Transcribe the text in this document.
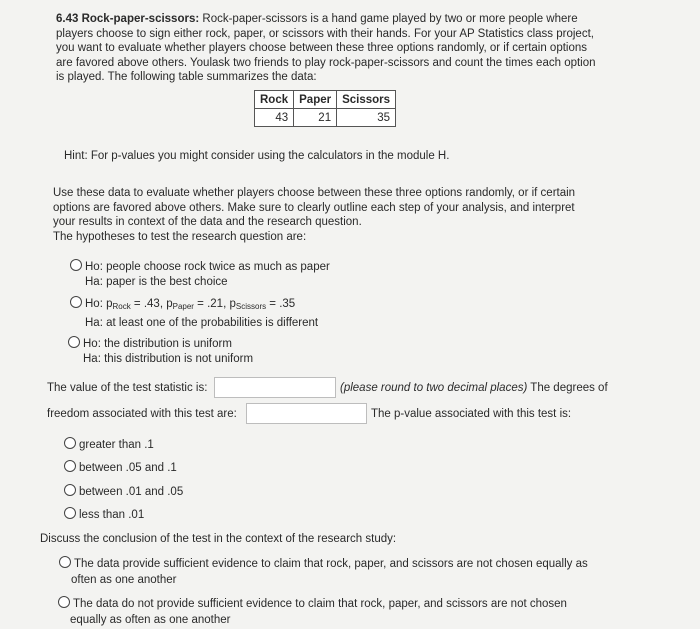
6.43 Rock-paper-scissors: Rock-paper-scissors is a hand game played by two or more people where players choose to sign either rock, paper, or scissors with their hands. For your AP Statistics class project, you want to evaluate whether players choose between these three options randomly, or if certain options are favored above others. Youlask two friends to play rock-paper-scissors and count the times each option is played. The following table summarizes the data:
Rock	Paper	Scissors
43	21	35
Hint: For p-values you might consider using the calculators in the module H.
Use these data to evaluate whether players choose between these three options randomly, or if certain options are favored above others. Make sure to clearly outline each step of your analysis, and interpret your results in context of the data and the research question.
The hypotheses to test the research question are:
Ho: people choose rock twice as much as paper
Ha: paper is the best choice
Ho: $p_{Rock} = .43$, $p_{Paper} = .21$, $p_{Scissors} = .35$
Ha: at least one of the probabilities is different
Ho: the distribution is uniform
Ha: this distribution is not uniform
The value of the test statistic is:	(please round to two decimal places) The degrees of
freedom associated with this test are:	The p-value associated with this test is:
greater than .1
between .05 and .1
between .01 and .05
less than .01
Discuss the conclusion of the test in the context of the research study:
The data provide sufficient evidence to claim that rock, paper, and scissors are not chosen equally as
often as one another
The data do not provide sufficient evidence to claim that rock, paper, and scissors are not chosen
equally as often as one another
